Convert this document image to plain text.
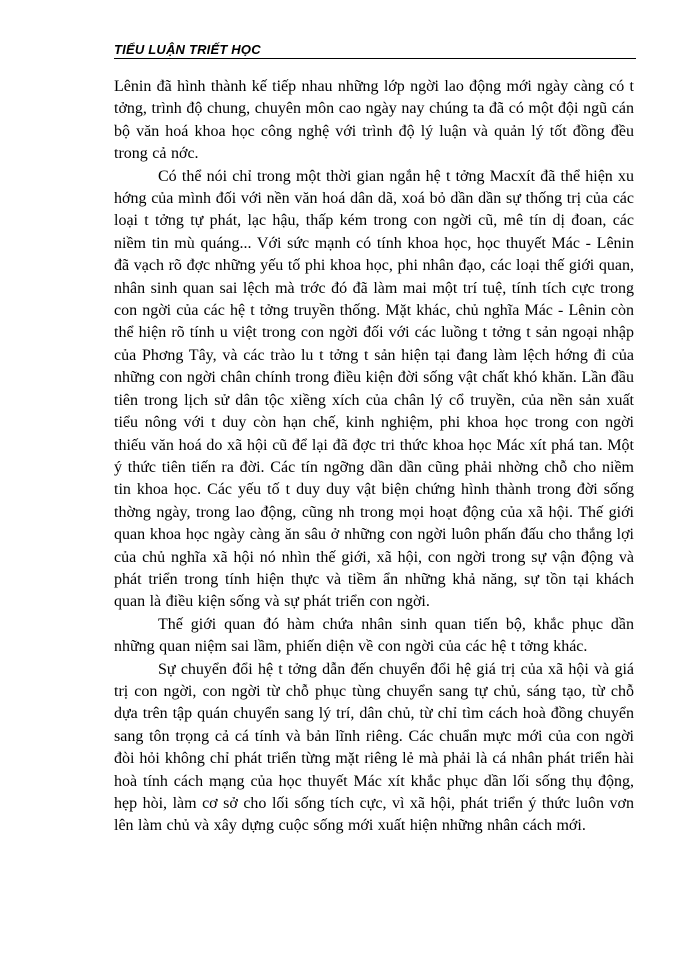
TIỂU LUẬN TRIẾT HỌC

Lênin đã hình thành kế tiếp nhau những lớp ngời lao động mới ngày càng có t tởng, trình độ chung, chuyên môn cao ngày nay chúng ta đã có một đội ngũ cán bộ văn hoá khoa học công nghệ với trình độ lý luận và quản lý tốt đồng đều trong cả nớc.

Có thể nói chỉ trong một thời gian ngắn hệ t tởng Macxít đã thể hiện xu hớng của mình đối với nền văn hoá dân dã, xoá bỏ dần dần sự thống trị của các loại t tởng tự phát, lạc hậu, thấp kém trong con ngời cũ, mê tín dị đoan, các niềm tin mù quáng... Với sức mạnh có tính khoa học, học thuyết Mác - Lênin đã vạch rõ đợc những yếu tố phi khoa học, phi nhân đạo, các loại thế giới quan, nhân sinh quan sai lệch mà trớc đó đã làm mai một trí tuệ, tính tích cực trong con ngời của các hệ t tởng truyền thống. Mặt khác, chủ nghĩa Mác - Lênin còn thể hiện rõ tính u việt trong con ngời đối với các luồng t tởng t sản ngoại nhập của Phơng Tây, và các trào lu t tởng t sản hiện tại đang làm lệch hớng đi của những con ngời chân chính trong điều kiện đời sống vật chất khó khăn. Lần đầu tiên trong lịch sử dân tộc xiềng xích của chân lý cổ truyền, của nền sản xuất tiểu nông với t duy còn hạn chế, kinh nghiệm, phi khoa học trong con ngời thiếu văn hoá do xã hội cũ để lại đã đợc tri thức khoa học Mác xít phá tan. Một ý thức tiên tiến ra đời. Các tín ngỡng dần dần cũng phải nhờng chỗ cho niềm tin khoa học. Các yếu tố t duy duy vật biện chứng hình thành trong đời sống thờng ngày, trong lao động, cũng nh trong mọi hoạt động của xã hội. Thế giới quan khoa học ngày càng ăn sâu ở những con ngời luôn phấn đấu cho thắng lợi của chủ nghĩa xã hội nó nhìn thế giới, xã hội, con ngời trong sự vận động và phát triển trong tính hiện thực và tiềm ẩn những khả năng, sự tồn tại khách quan là điều kiện sống và sự phát triển con ngời.

Thế giới quan đó hàm chứa nhân sinh quan tiến bộ, khắc phục dần những quan niệm sai lầm, phiến diện về con ngời của các hệ t tởng khác.

Sự chuyển đổi hệ t tởng dẫn đến chuyển đổi hệ giá trị của xã hội và giá trị con ngời, con ngời từ chỗ phục tùng chuyển sang tự chủ, sáng tạo, từ chỗ dựa trên tập quán chuyển sang lý trí, dân chủ, từ chỉ tìm cách hoà đồng chuyển sang tôn trọng cả cá tính và bản lĩnh riêng. Các chuẩn mực mới của con ngời đòi hỏi không chỉ phát triển từng mặt riêng lẻ mà phải là cá nhân phát triển hài hoà tính cách mạng của học thuyết Mác xít khắc phục dần lối sống thụ động, hẹp hòi, làm cơ sở cho lối sống tích cực, vì xã hội, phát triển ý thức luôn vơn lên làm chủ và xây dựng cuộc sống mới xuất hiện những nhân cách mới.
